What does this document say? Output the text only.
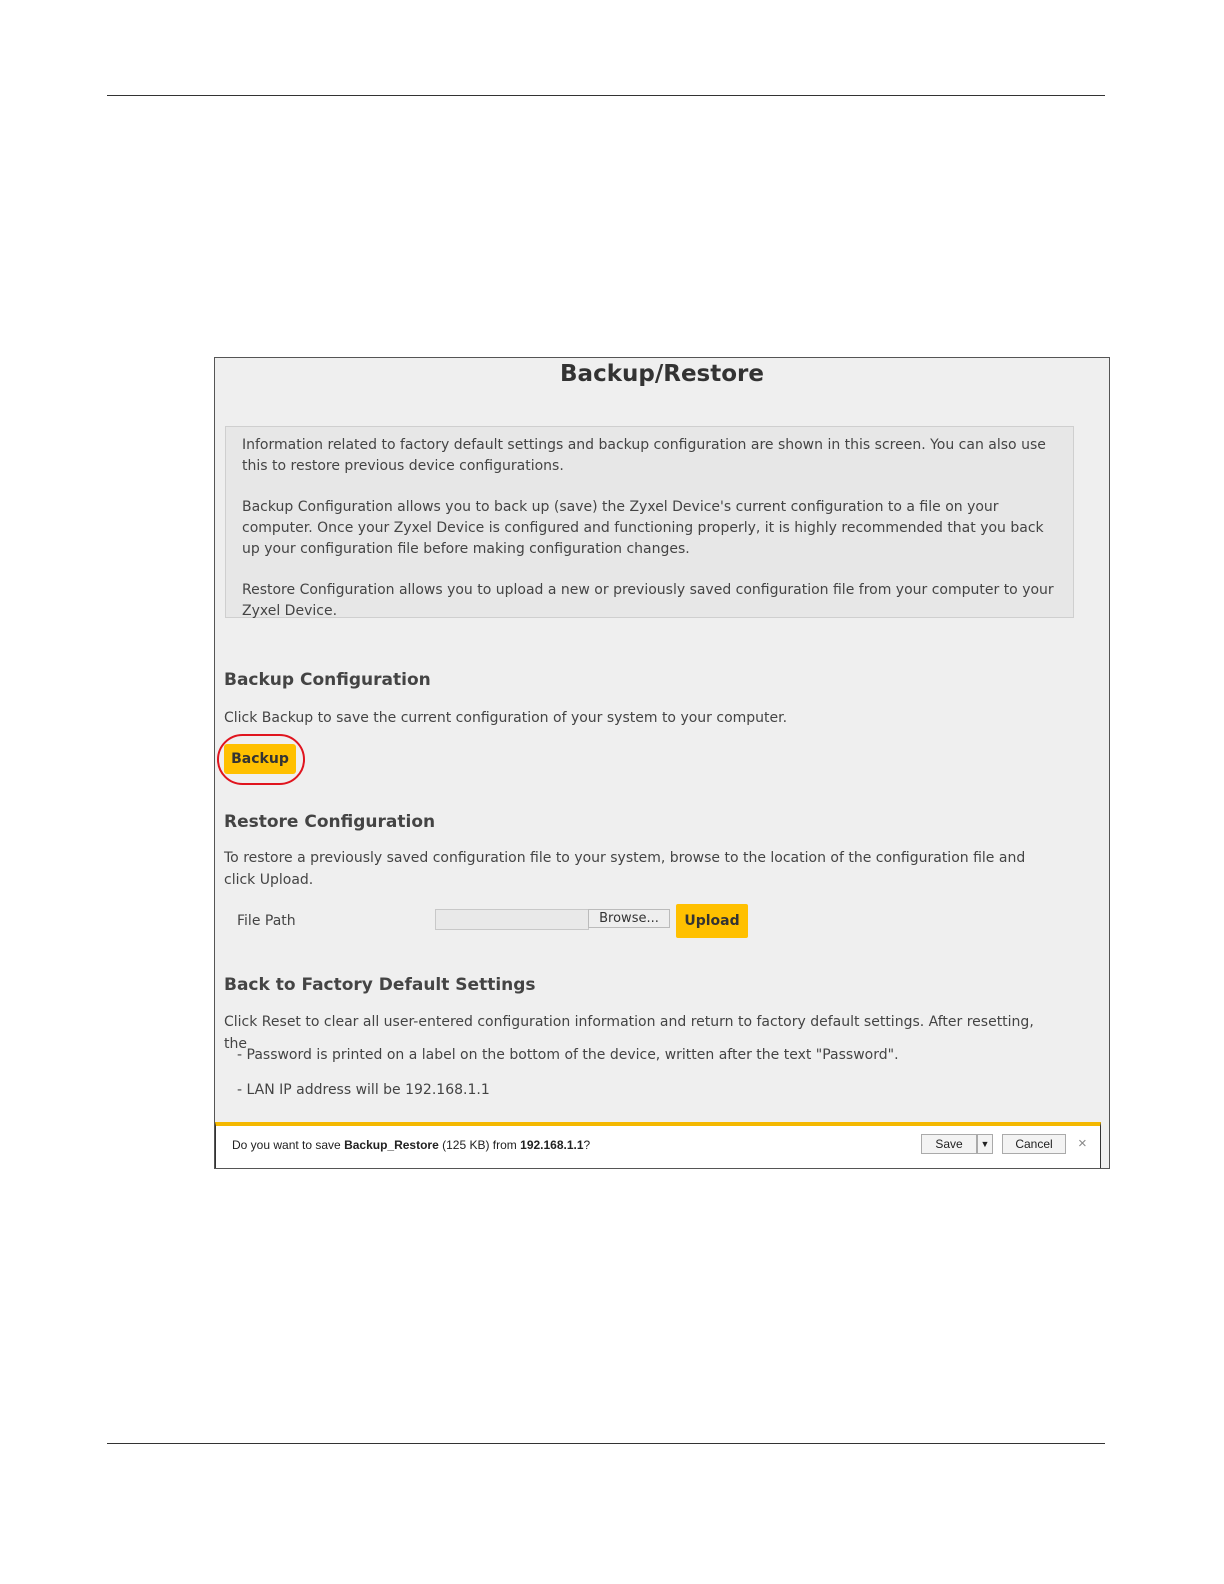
Backup/Restore

Information related to factory default settings and backup configuration are shown in this screen. You can also use this to restore previous device configurations.

Backup Configuration allows you to back up (save) the Zyxel Device's current configuration to a file on your computer. Once your Zyxel Device is configured and functioning properly, it is highly recommended that you back up your configuration file before making configuration changes.

Restore Configuration allows you to upload a new or previously saved configuration file from your computer to your Zyxel Device.

Backup Configuration
Click Backup to save the current configuration of your system to your computer.
Backup
Restore Configuration
To restore a previously saved configuration file to your system, browse to the location of the configuration file and click Upload.
File Path	Browse...	Upload
Back to Factory Default Settings
Click Reset to clear all user-entered configuration information and return to factory default settings. After resetting, the
- Password is printed on a label on the bottom of the device, written after the text "Password".
- LAN IP address will be 192.168.1.1
Do you want to save Backup_Restore (125 KB) from 192.168.1.1?	Save	▼	Cancel	×
